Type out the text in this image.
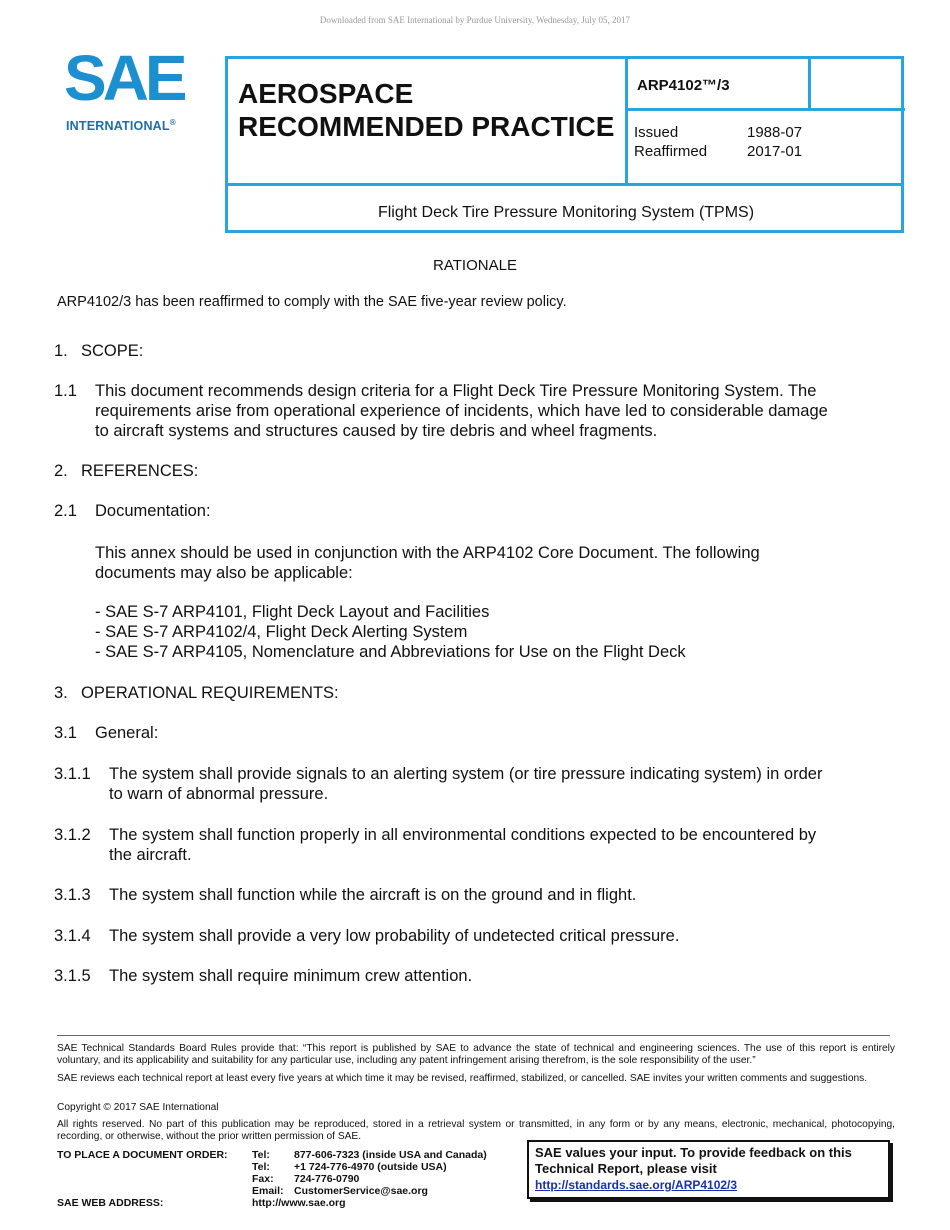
Downloaded from SAE International by Purdue University, Wednesday, July 05, 2017
SAE
INTERNATIONAL®
AEROSPACE
RECOMMENDED PRACTICE
ARP4102™/3
Issued	1988-07
Reaffirmed	2017-01
Flight Deck Tire Pressure Monitoring System (TPMS)
RATIONALE
ARP4102/3 has been reaffirmed to comply with the SAE five-year review policy.
1. SCOPE:
1.1 This document recommends design criteria for a Flight Deck Tire Pressure Monitoring System. The
requirements arise from operational experience of incidents, which have led to considerable damage
to aircraft systems and structures caused by tire debris and wheel fragments.
2. REFERENCES:
2.1 Documentation:
This annex should be used in conjunction with the ARP4102 Core Document. The following
documents may also be applicable:
- SAE S-7 ARP4101, Flight Deck Layout and Facilities
- SAE S-7 ARP4102/4, Flight Deck Alerting System
- SAE S-7 ARP4105, Nomenclature and Abbreviations for Use on the Flight Deck
3. OPERATIONAL REQUIREMENTS:
3.1 General:
3.1.1 The system shall provide signals to an alerting system (or tire pressure indicating system) in order
to warn of abnormal pressure.
3.1.2 The system shall function properly in all environmental conditions expected to be encountered by
the aircraft.
3.1.3 The system shall function while the aircraft is on the ground and in flight.
3.1.4 The system shall provide a very low probability of undetected critical pressure.
3.1.5 The system shall require minimum crew attention.
SAE Technical Standards Board Rules provide that: “This report is published by SAE to advance the state of technical and engineering sciences. The use of this report is entirely voluntary, and its applicability and suitability for any particular use, including any patent infringement arising therefrom, is the sole responsibility of the user.”
SAE reviews each technical report at least every five years at which time it may be revised, reaffirmed, stabilized, or cancelled. SAE invites your written comments and suggestions.
Copyright © 2017 SAE International
All rights reserved. No part of this publication may be reproduced, stored in a retrieval system or transmitted, in any form or by any means, electronic, mechanical, photocopying, recording, or otherwise, without the prior written permission of SAE.
TO PLACE A DOCUMENT ORDER: Tel: 877-606-7323 (inside USA and Canada)
Tel: +1 724-776-4970 (outside USA)
Fax: 724-776-0790
Email: CustomerService@sae.org
http://www.sae.org
SAE WEB ADDRESS:
SAE values your input. To provide feedback on this
Technical Report, please visit
http://standards.sae.org/ARP4102/3
